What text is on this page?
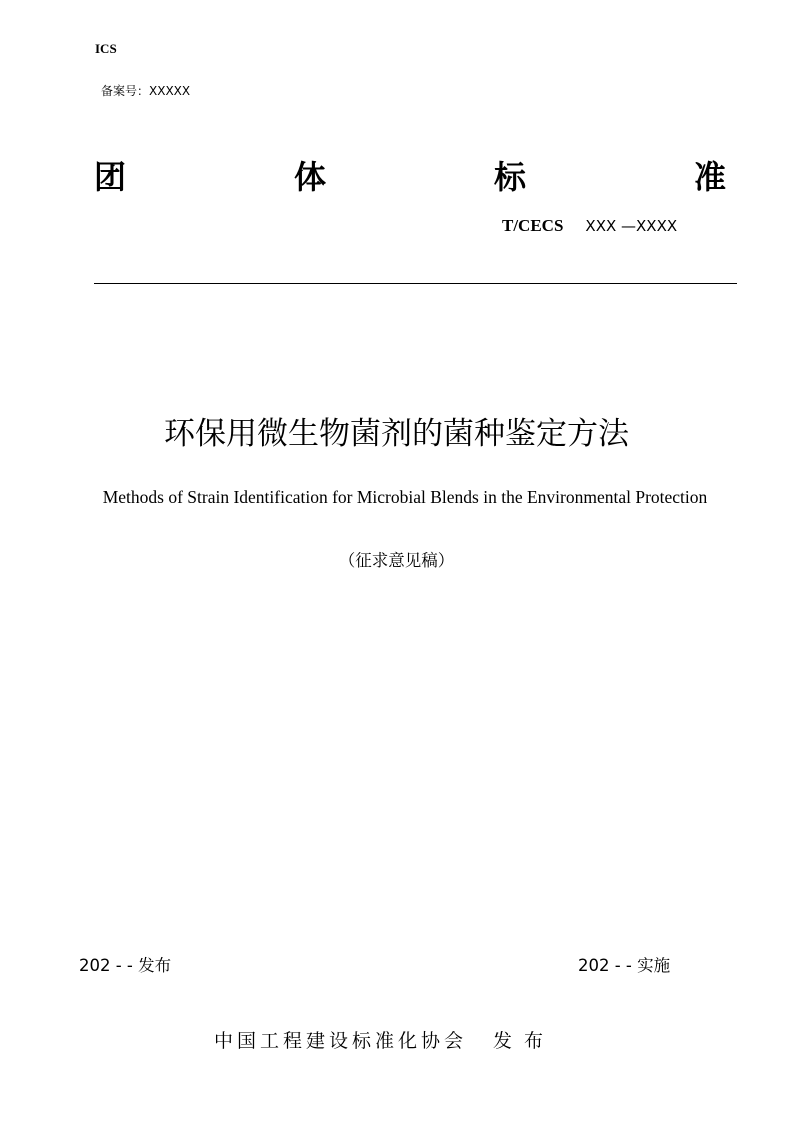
ICS
备案号：XXXXX
团	体	标	准
T/CECS XXX —XXXX
环保用微生物菌剂的菌种鉴定方法
Methods of Strain Identification for Microbial Blends in the Environmental Protection
（征求意见稿）
202 - - 发布	202 - - 实施
中国工程建设标准化协会 发布
